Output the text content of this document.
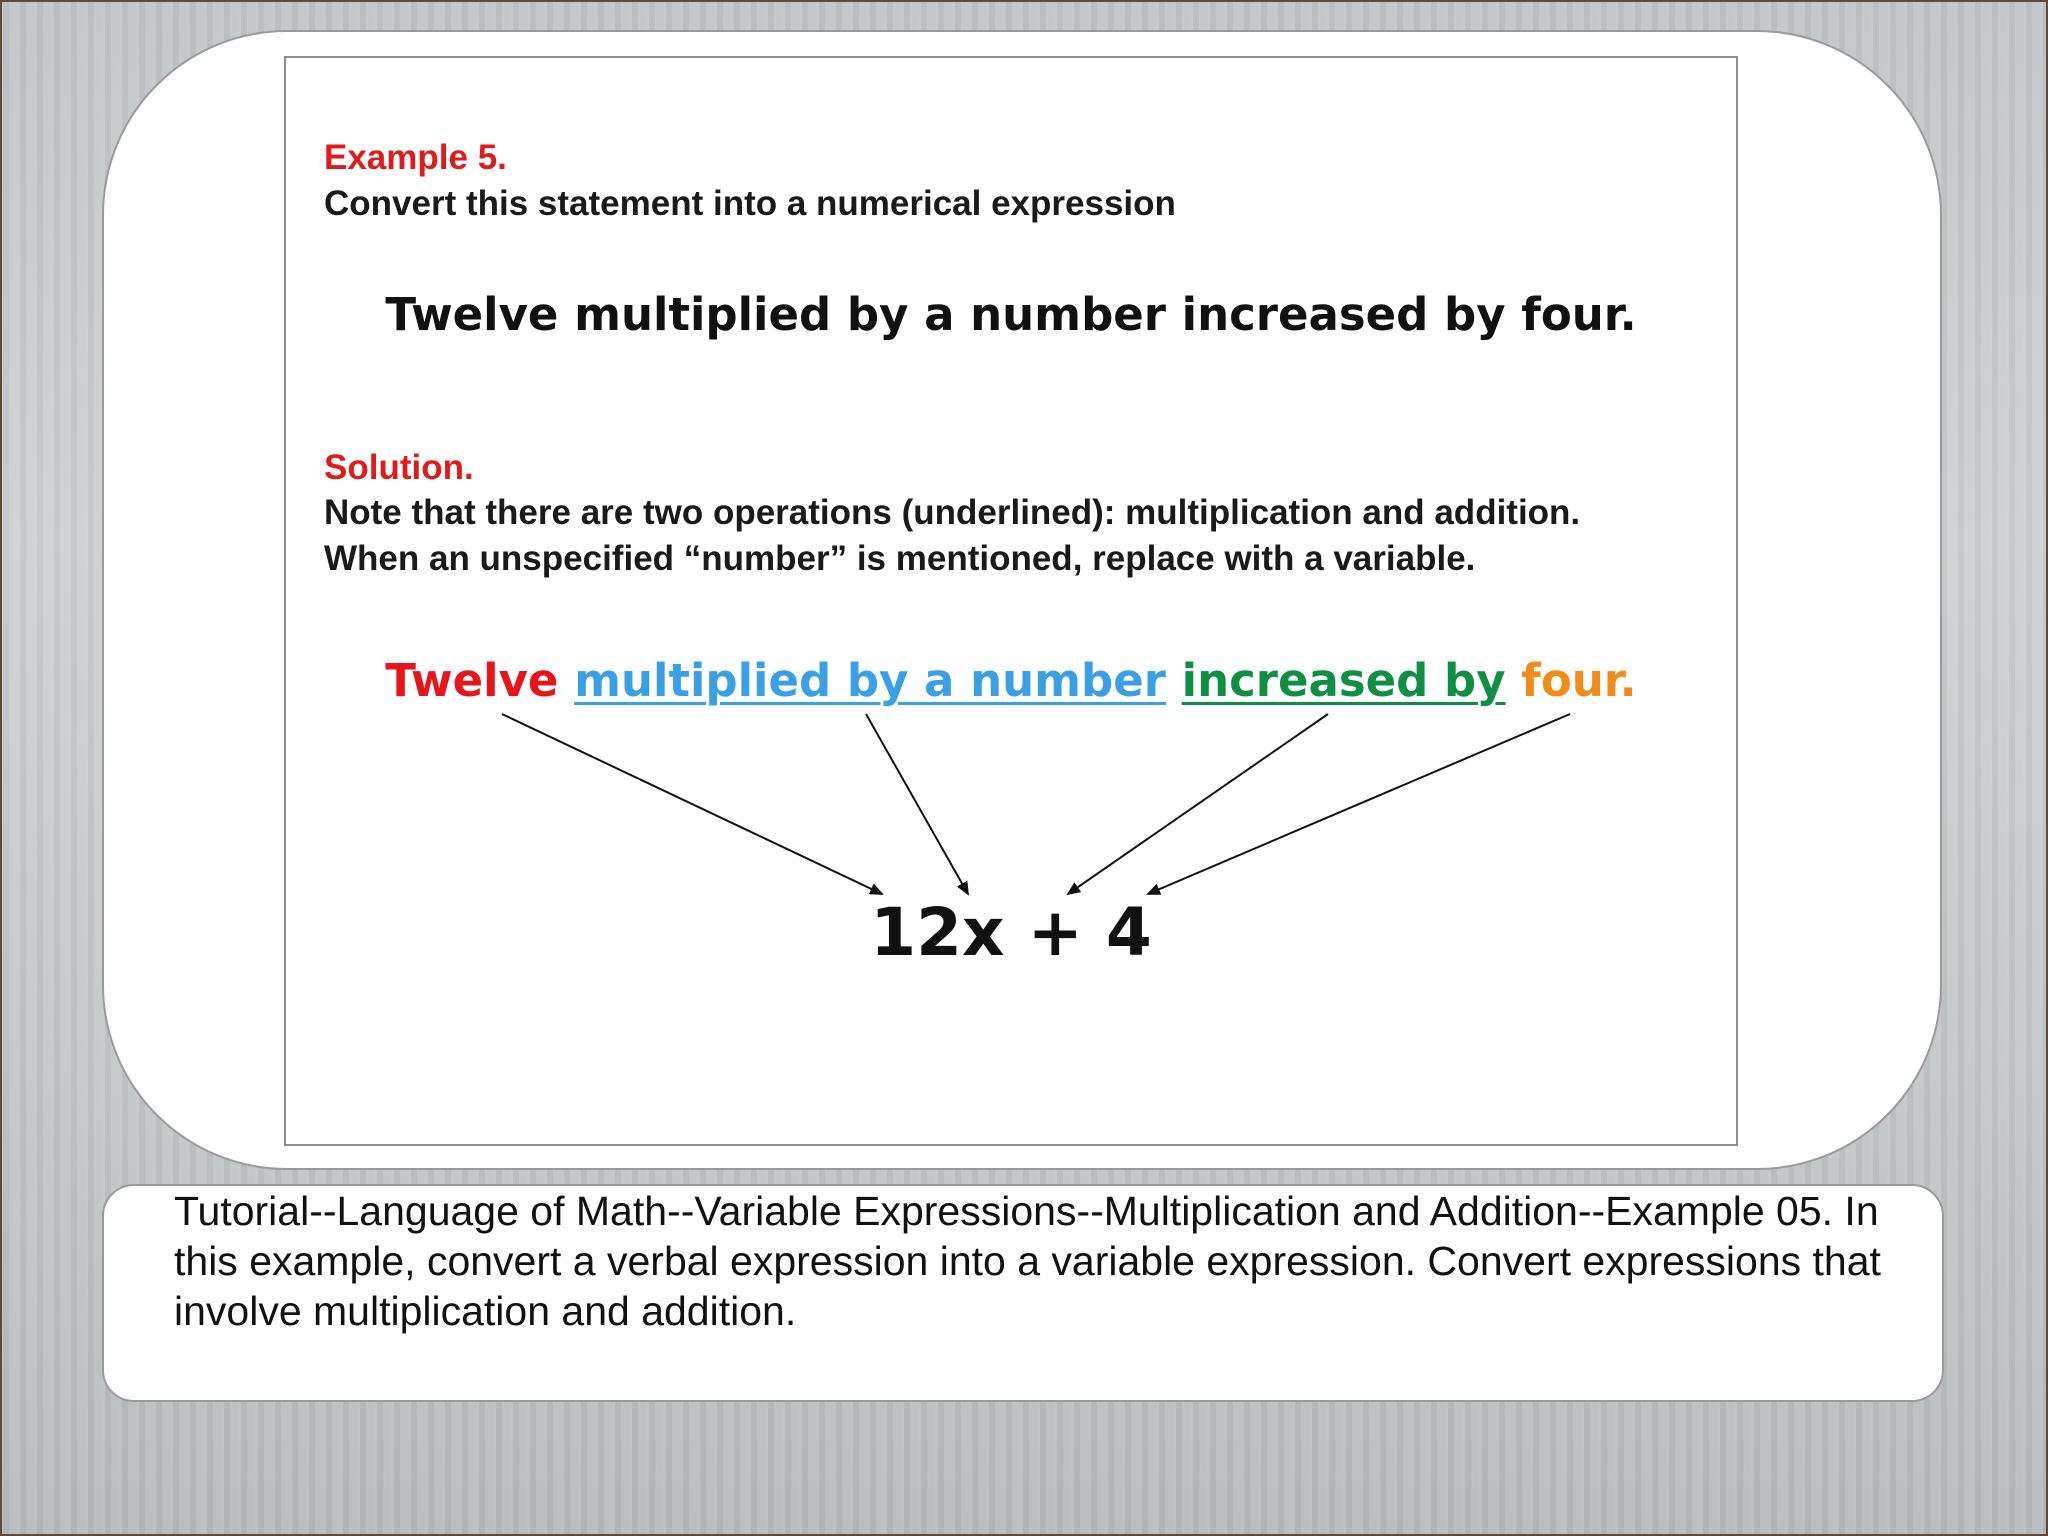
Example 5.

Convert this statement into a numerical expression

Twelve multiplied by a number increased by four.

Solution.

Note that there are two operations (underlined): multiplication and addition. When an unspecified “number” is mentioned, replace with a variable.

Twelve multiplied by a number increased by four.

12x + 4

Tutorial--Language of Math--Variable Expressions--Multiplication and Addition--Example 05. In this example, convert a verbal expression into a variable expression. Convert expressions that involve multiplication and addition.
